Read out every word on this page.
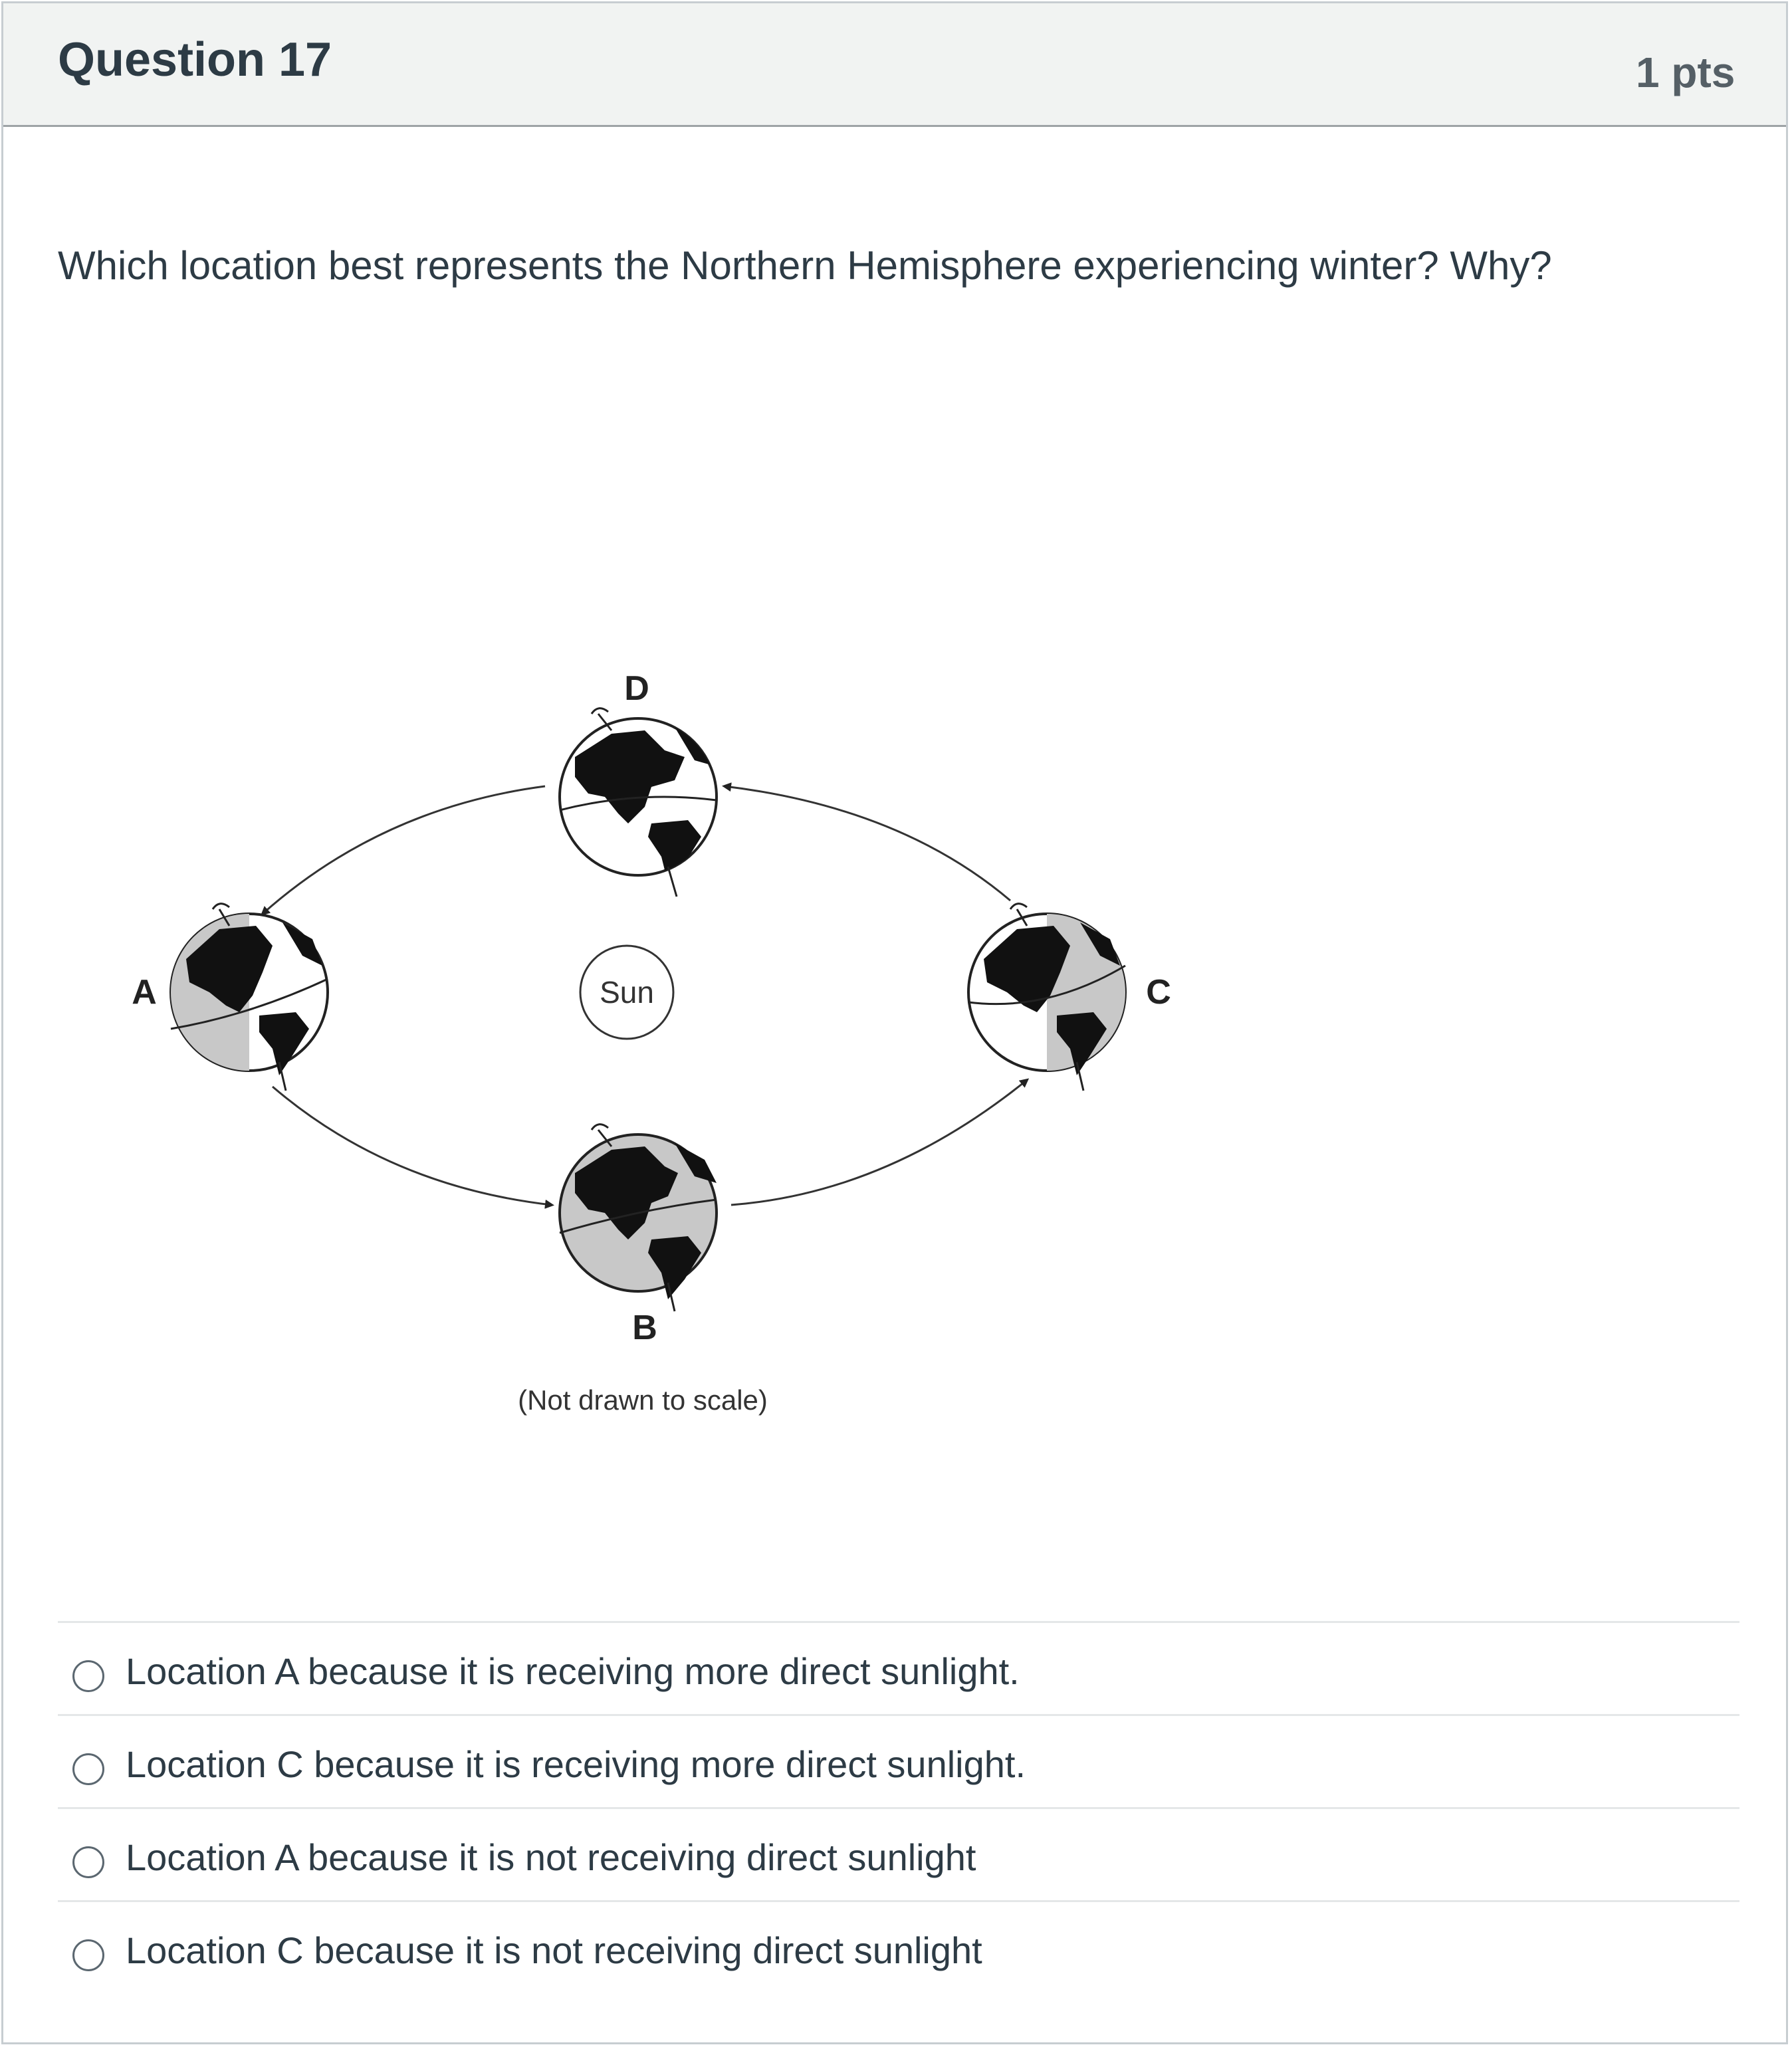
Question 17	1 pts
Which location best represents the Northern Hemisphere experiencing winter? Why?
Sun
D
A	C
B
(Not drawn to scale)
Location A because it is receiving more direct sunlight.
Location C because it is receiving more direct sunlight.
Location A because it is not receiving direct sunlight
Location C because it is not receiving direct sunlight
